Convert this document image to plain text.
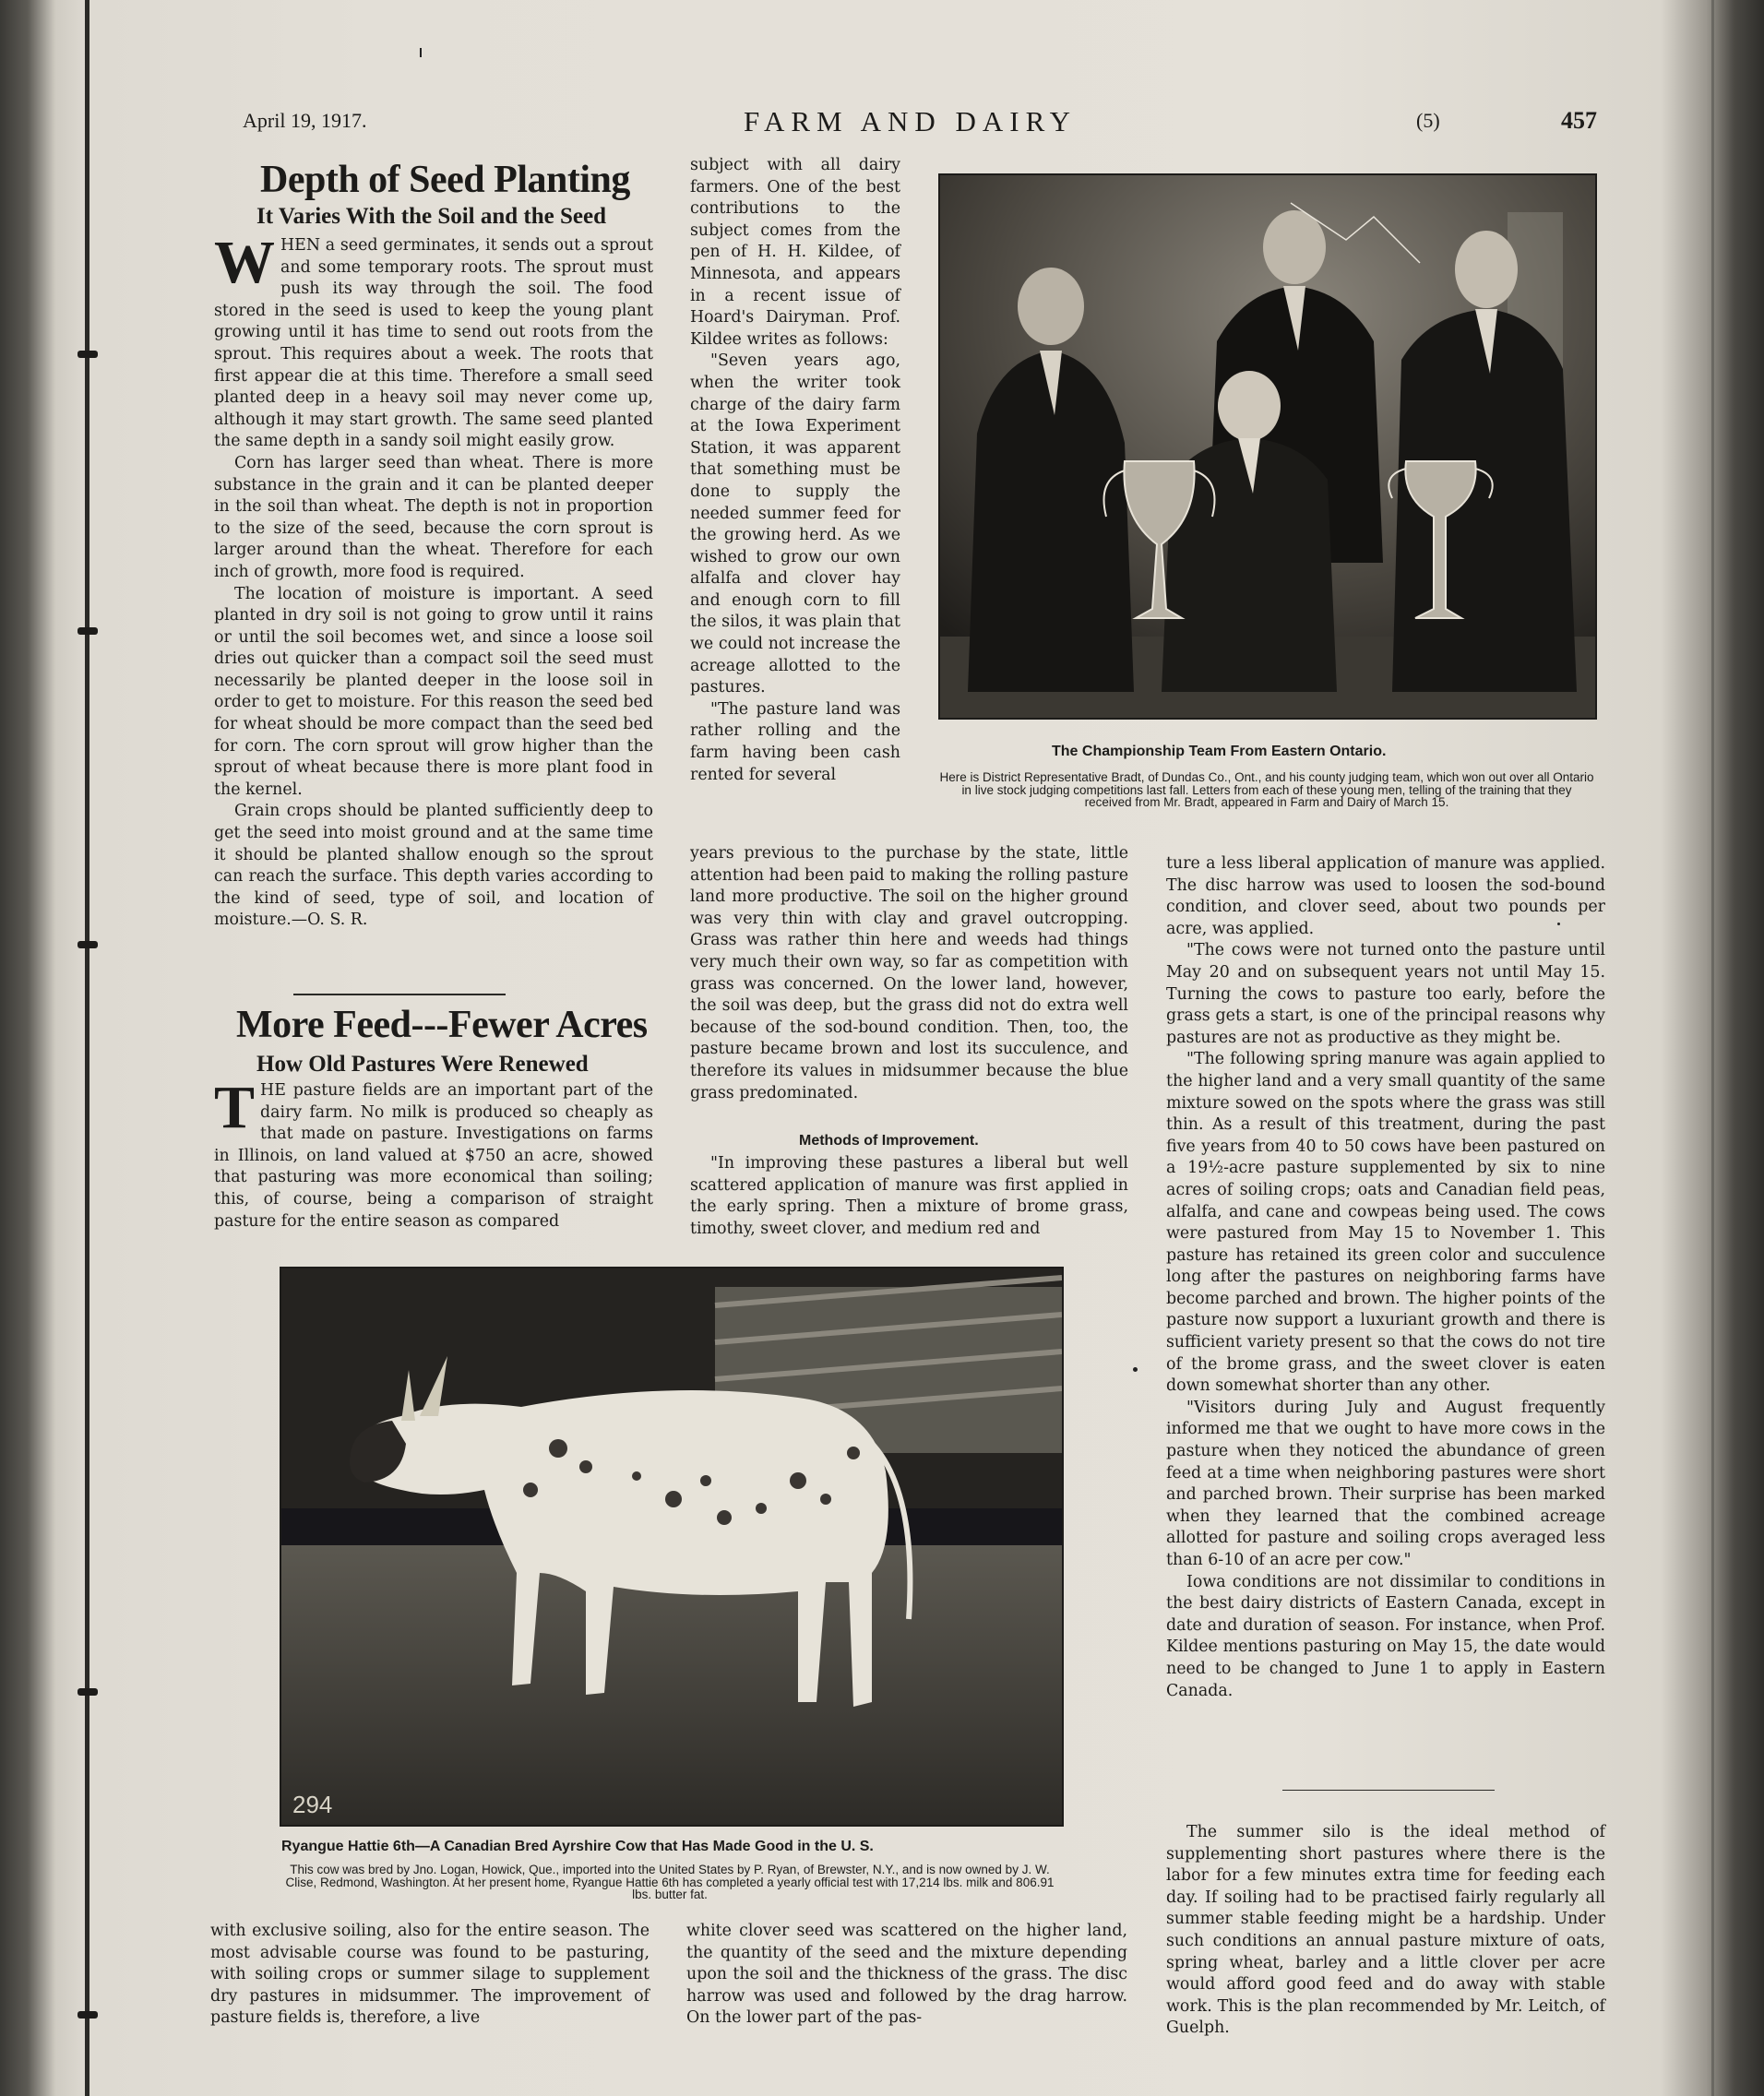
April 19, 1917.	FARM AND DAIRY	(5)	457
Depth of Seed Planting
It Varies With the Soil and the Seed

WHEN a seed germinates, it sends out a sprout and some temporary roots. The sprout must push its way through the soil. The food stored in the seed is used to keep the young plant growing until it has time to send out roots from the sprout. This requires about a week. The roots that first appear die at this time. Therefore a small seed planted deep in a heavy soil may never come up, although it may start growth. The same seed planted the same depth in a sandy soil might easily grow.

Corn has larger seed than wheat. There is more substance in the grain and it can be planted deeper in the soil than wheat. The depth is not in proportion to the size of the seed, because the corn sprout is larger around than the wheat. Therefore for each inch of growth, more food is required.

The location of moisture is important. A seed planted in dry soil is not going to grow until it rains or until the soil becomes wet, and since a loose soil dries out quicker than a compact soil the seed must necessarily be planted deeper in the loose soil in order to get to moisture. For this reason the seed bed for wheat should be more compact than the seed bed for corn. The corn sprout will grow higher than the sprout of wheat because there is more plant food in the kernel.

Grain crops should be planted sufficiently deep to get the seed into moist ground and at the same time it should be planted shallow enough so the sprout can reach the surface. This depth varies according to the kind of seed, type of soil, and location of moisture.—O. S. R.

More Feed---Fewer Acres
How Old Pastures Were Renewed

THE pasture fields are an important part of the dairy farm. No milk is produced so cheaply as that made on pasture. Investigations on farms in Illinois, on land valued at $750 an acre, showed that pasturing was more economical than soiling; this, of course, being a comparison of straight pasture for the entire season as compared

subject with all dairy farmers. One of the best contributions to the subject comes from the pen of H. H. Kildee, of Minnesota, and appears in a recent issue of Hoard's Dairyman. Prof. Kildee writes as follows:

"Seven years ago, when the writer took charge of the dairy farm at the Iowa Experiment Station, it was apparent that something must be done to supply the needed summer feed for the growing herd. As we wished to grow our own alfalfa and clover hay and enough corn to fill the silos, it was plain that we could not increase the acreage allotted to the pastures.

"The pasture land was rather rolling and the farm having been cash rented for several

years previous to the purchase by the state, little attention had been paid to making the rolling pasture land more productive. The soil on the higher ground was very thin with clay and gravel outcropping. Grass was rather thin here and weeds had things very much their own way, so far as competition with grass was concerned. On the lower land, however, the soil was deep, but the grass did not do extra well because of the sod-bound condition. Then, too, the pasture became brown and lost its succulence, and therefore its values in midsummer because the blue grass predominated.

Methods of Improvement.

"In improving these pastures a liberal but well scattered application of manure was first applied in the early spring. Then a mixture of brome grass, timothy, sweet clover, and medium red and

The Championship Team From Eastern Ontario.
Here is District Representative Bradt, of Dundas Co., Ont., and his county judging team, which won out over all Ontario in live stock judging competitions last fall. Letters from each of these young men, telling of the training that they received from Mr. Bradt, appeared in Farm and Dairy of March 15.

ture a less liberal application of manure was applied. The disc harrow was used to loosen the sod-bound condition, and clover seed, about two pounds per acre, was applied.

"The cows were not turned onto the pasture until May 20 and on subsequent years not until May 15. Turning the cows to pasture too early, before the grass gets a start, is one of the principal reasons why pastures are not as productive as they might be.

"The following spring manure was again applied to the higher land and a very small quantity of the same mixture sowed on the spots where the grass was still thin. As a result of this treatment, during the past five years from 40 to 50 cows have been pastured on a 19½-acre pasture supplemented by six to nine acres of soiling crops; oats and Canadian field peas, alfalfa, and cane and cowpeas being used. The cows were pastured from May 15 to November 1. This pasture has retained its green color and succulence long after the pastures on neighboring farms have become parched and brown. The higher points of the pasture now support a luxuriant growth and there is sufficient variety present so that the cows do not tire of the brome grass, and the sweet clover is eaten down somewhat shorter than any other.

"Visitors during July and August frequently informed me that we ought to have more cows in the pasture when they noticed the abundance of green feed at a time when neighboring pastures were short and parched brown. Their surprise has been marked when they learned that the combined acreage allotted for pasture and soiling crops averaged less than 6-10 of an acre per cow."

Iowa conditions are not dissimilar to conditions in the best dairy districts of Eastern Canada, except in date and duration of season. For instance, when Prof. Kildee mentions pasturing on May 15, the date would need to be changed to June 1 to apply in Eastern Canada.

The summer silo is the ideal method of supplementing short pastures where there is the labor for a few minutes extra time for feeding each day. If soiling had to be practised fairly regularly all summer stable feeding might be a hardship. Under such conditions an annual pasture mixture of oats, spring wheat, barley and a little clover per acre would afford good feed and do away with stable work. This is the plan recommended by Mr. Leitch, of Guelph.

294
Ryangue Hattie 6th—A Canadian Bred Ayrshire Cow that Has Made Good in the U. S.
This cow was bred by Jno. Logan, Howick, Que., imported into the United States by P. Ryan, of Brewster, N.Y., and is now owned by J. W. Clise, Redmond, Washington. At her present home, Ryangue Hattie 6th has completed a yearly official test with 17,214 lbs. milk and 806.91 lbs. butter fat.

with exclusive soiling, also for the entire season. The most advisable course was found to be pasturing, with soiling crops or summer silage to supplement dry pastures in midsummer. The improvement of pasture fields is, therefore, a live

white clover seed was scattered on the higher land, the quantity of the seed and the mixture depending upon the soil and the thickness of the grass. The disc harrow was used and followed by the drag harrow. On the lower part of the pas-
